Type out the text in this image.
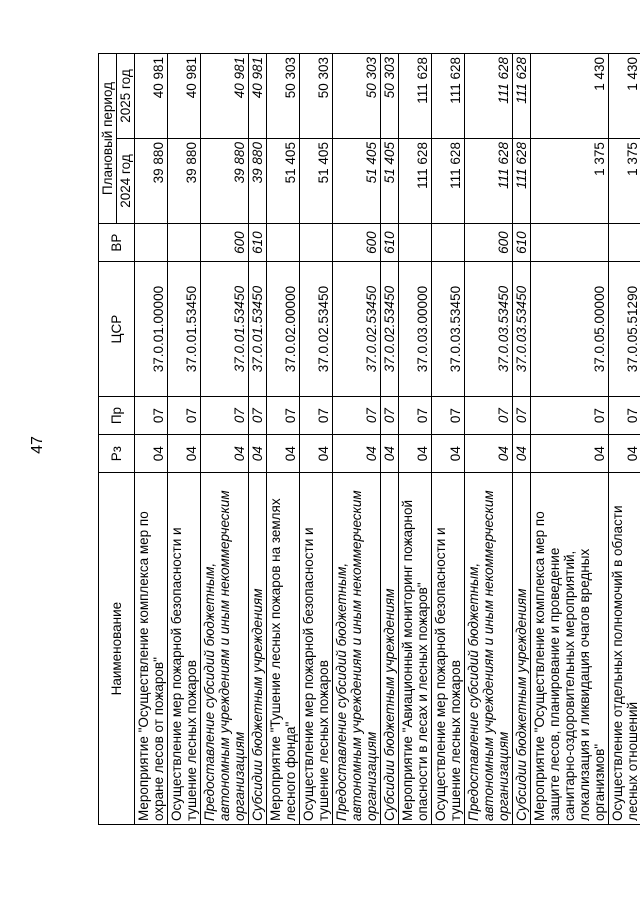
47
Наименование	Рз	Пр	ЦСР	ВР	Плановый период	
					2024 год	2025 год
Мероприятие "Осуществление комплекса мер по охране лесов от пожаров"	04	07	37.0.01.00000		39 880	40 981
Осуществление мер пожарной безопасности и тушение лесных пожаров	04	07	37.0.01.53450		39 880	40 981
Предоставление субсидий бюджетным, автономным учреждениям и иным некоммерческим организациям	04	07	37.0.01.53450	600	39 880	40 981
Субсидии бюджетным учреждениям	04	07	37.0.01.53450	610	39 880	40 981
Мероприятие "Тушение лесных пожаров на землях лесного фонда"	04	07	37.0.02.00000		51 405	50 303
Осуществление мер пожарной безопасности и тушение лесных пожаров	04	07	37.0.02.53450		51 405	50 303
Предоставление субсидий бюджетным, автономным учреждениям и иным некоммерческим организациям	04	07	37.0.02.53450	600	51 405	50 303
Субсидии бюджетным учреждениям	04	07	37.0.02.53450	610	51 405	50 303
Мероприятие "Авиационный мониторинг пожарной опасности в лесах и лесных пожаров"	04	07	37.0.03.00000		111 628	111 628
Осуществление мер пожарной безопасности и тушение лесных пожаров	04	07	37.0.03.53450		111 628	111 628
Предоставление субсидий бюджетным, автономным учреждениям и иным некоммерческим организациям	04	07	37.0.03.53450	600	111 628	111 628
Субсидии бюджетным учреждениям	04	07	37.0.03.53450	610	111 628	111 628
Мероприятие "Осуществление комплекса мер по защите лесов, планирование и проведение санитарно-оздоровительных мероприятий, локализация и ликвидация очагов вредных организмов"	04	07	37.0.05.00000		1 375	1 430
Осуществление отдельных полномочий в области лесных отношений	04	07	37.0.05.51290		1 375	1 430
